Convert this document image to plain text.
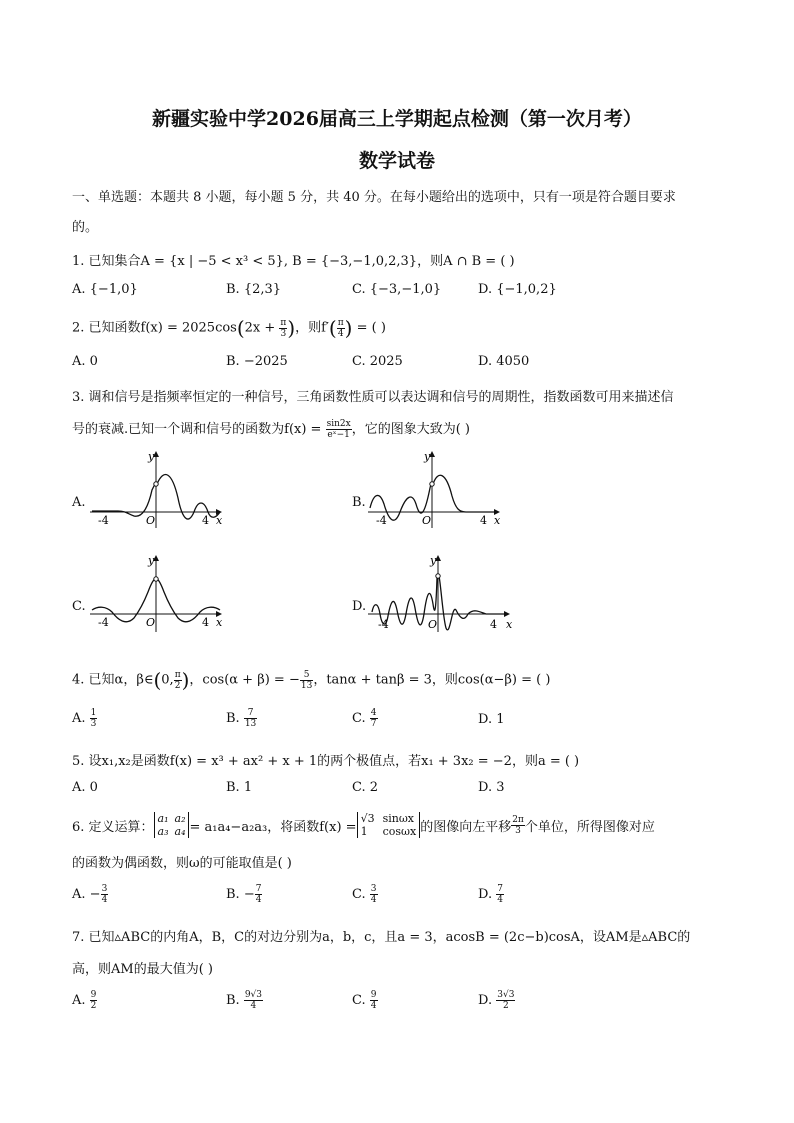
新疆实验中学2026届高三上学期起点检测（第一次月考）
数学试卷
一、单选题：本题共 8 小题，每小题 5 分，共 40 分。在每小题给出的选项中，只有一项是符合题目要求
的。
1. 已知集合A = {x | −5 < x³ < 5}, B = {−3,−1,0,2,3}，则A ∩ B = ( )
A. {−1,0}	B. {2,3}	C. {−3,−1,0}	D. {−1,0,2}
2. 已知函数$f(x) = 2025\cos(2x + \frac{\pi}{3}$ )，则$f'( \frac{\pi}{4}$ ) = ( )
A. 0	B. −2025	C. 2025	D. 4050
3. 调和信号是指频率恒定的一种信号，三角函数性质可以表达调和信号的周期性，指数函数可用来描述信
号的衰减.已知一个调和信号的函数为$f(x) = \frac{\sin 2x}{\text{eˣ−1}}$ ，它的图象大致为( )
A.	B.
C.	D.
y
x
O
-4	4
y
x
O
-4	4
y
x
O
-4	4
y
x
O
-4	4
4. 已知α，β∈(0, $\frac{\pi}{2}$ )，cos(α + β) = − $\frac{5}{13}$ ，tanα + tanβ = 3，则cos(α−β) = ( )
A. $\frac{1}{3}$	B. $\frac{7}{13}$	C. $\frac{4}{7}$	D. 1
5. 设x₁,x₂是函数f(x) = x³ + ax² + x + 1的两个极值点，若x₁ + 3x₂ = −2，则a = ( )
A. 0	B. 1	C. 2	D. 3
6. 定义运算：
a₁ a₂
a₃ a₄ = a₁a₄−a₂a₃，将函数f(x) =
√3 sinωx
1	cosωx 的图像向左平移 $\frac{2\pi}{3}$ 个单位，所得图像对应
的函数为偶函数，则ω的可能取值是( )
A. − $\frac{3}{4}$	B. − $\frac{7}{4}$	C. $\frac{3}{4}$	D. $\frac{7}{4}$
7. 已知▵ABC的内角A，B，C的对边分别为a，b，c，且a = 3，acosB = (2c−b)cosA，设AM是▵ABC的
高，则AM的最大值为( )
A. $\frac{9}{2}$	B. $\frac{9√3}{4}$	C. $\frac{9}{4}$	D. $\frac{3√3}{2}$
